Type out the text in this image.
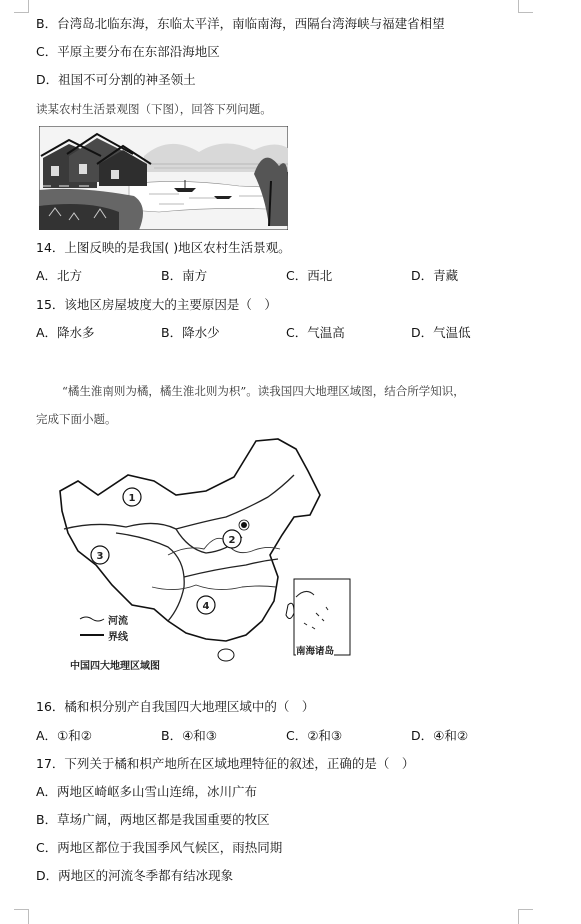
B．台湾岛北临东海，东临太平洋，南临南海，西隔台湾海峡与福建省相望
C．平原主要分布在东部沿海地区
D．祖国不可分割的神圣领土
读某农村生活景观图（下图），回答下列问题。
14．上图反映的是我国( )地区农村生活景观。
A．北方	B．南方	C．西北	D．青藏
15．该地区房屋坡度大的主要原因是（　）
A．降水多	B．降水少	C．气温高	D．气温低
“橘生淮南则为橘，橘生淮北则为枳”。读我国四大地理区域图，结合所学知识，
完成下面小题。
1
2
3
4
河流
界线
中国四大地理区域图
南海诸岛
16．橘和枳分别产自我国四大地理区域中的（　）
A．①和②	B．④和③	C．②和③	D．④和②
17．下列关于橘和枳产地所在区域地理特征的叙述，正确的是（　）
A．两地区崎岖多山雪山连绵，冰川广布
B．草场广阔，两地区都是我国重要的牧区
C．两地区都位于我国季风气候区，雨热同期
D．两地区的河流冬季都有结冰现象
